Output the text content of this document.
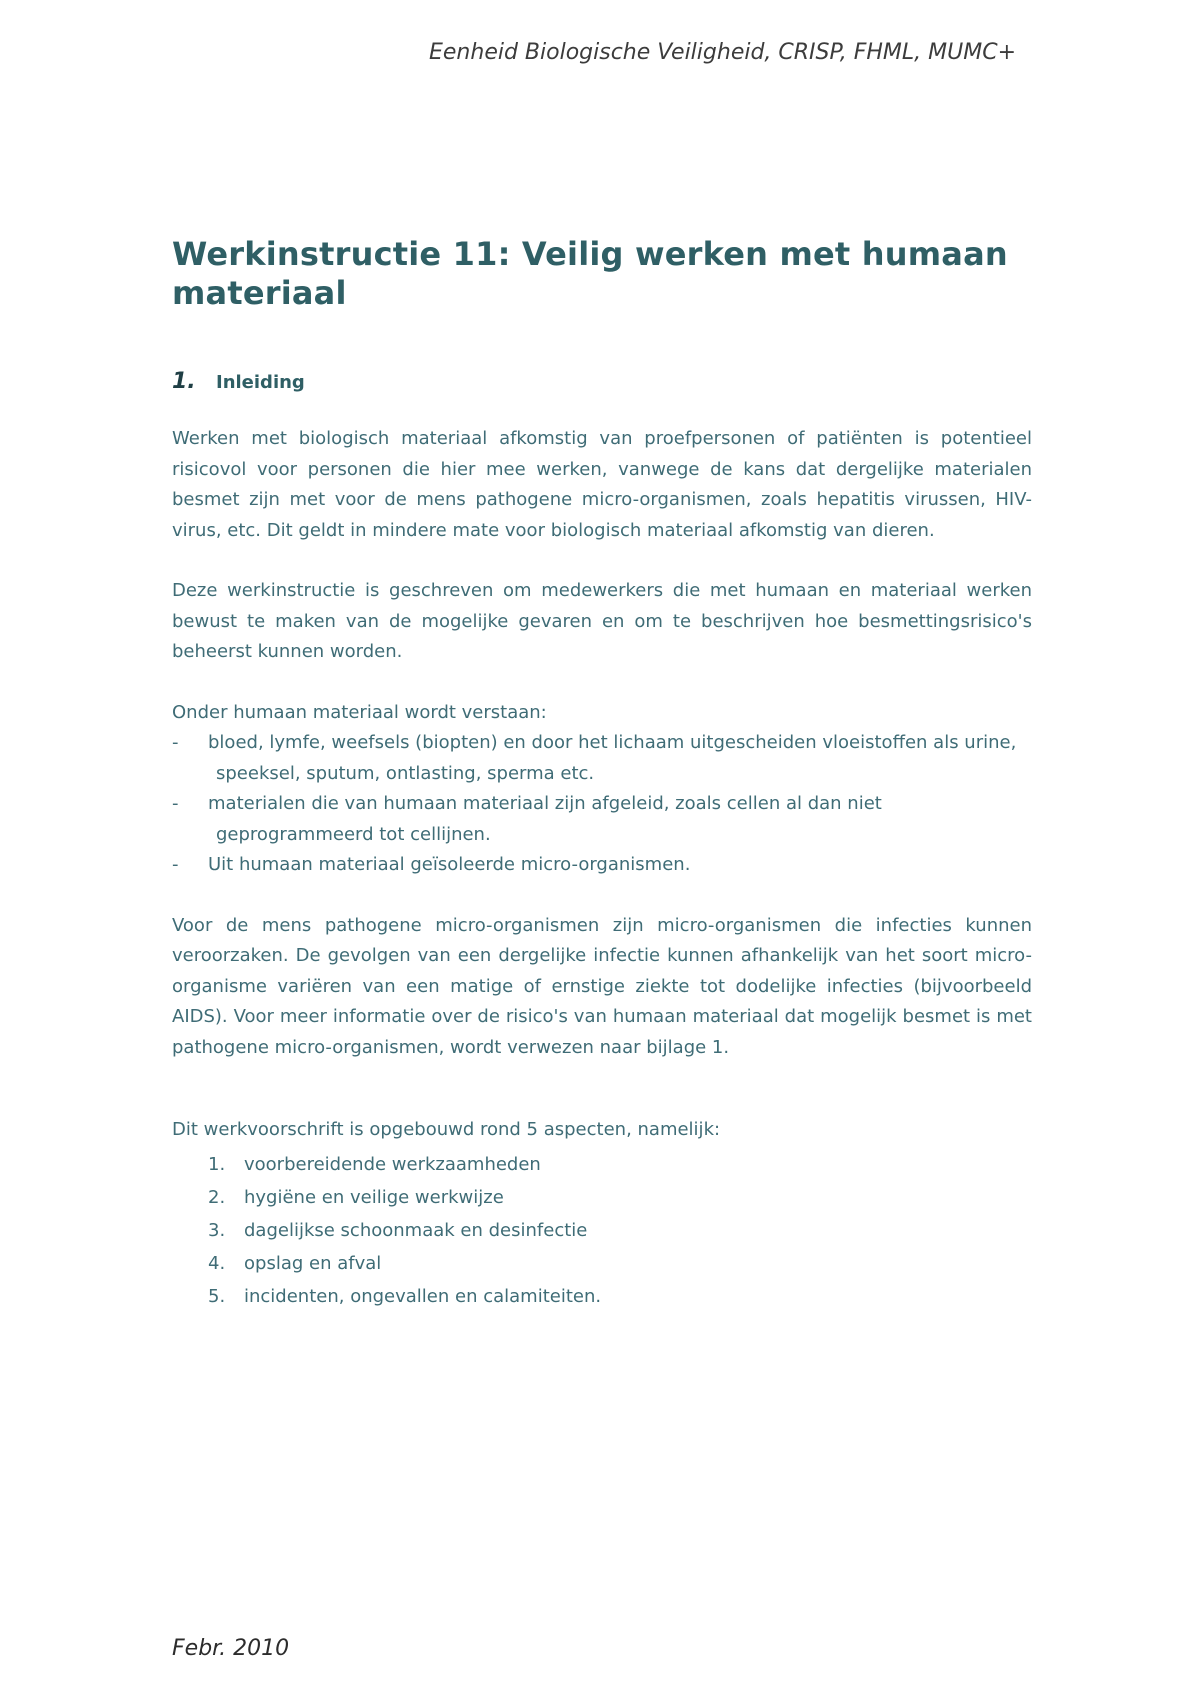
Eenheid Biologische Veiligheid, CRISP, FHML, MUMC+
Werkinstructie 11: Veilig werken met humaan materiaal
1.	Inleiding

Werken met biologisch materiaal afkomstig van proefpersonen of patiënten is potentieel risicovol voor personen die hier mee werken, vanwege de kans dat dergelijke materialen besmet zijn met voor de mens pathogene micro-organismen, zoals hepatitis virussen, HIV-virus, etc. Dit geldt in mindere mate voor biologisch materiaal afkomstig van dieren.

Deze werkinstructie is geschreven om medewerkers die met humaan en materiaal werken bewust te maken van de mogelijke gevaren en om te beschrijven hoe besmettingsrisico's beheerst kunnen worden.

Onder humaan materiaal wordt verstaan:

- bloed, lymfe, weefsels (biopten) en door het lichaam uitgescheiden vloeistoffen als urine,
speeksel, sputum, ontlasting, sperma etc.
- materialen die van humaan materiaal zijn afgeleid, zoals cellen al dan niet
geprogrammeerd tot cellijnen.
- Uit humaan materiaal geïsoleerde micro-organismen.

Voor de mens pathogene micro-organismen zijn micro-organismen die infecties kunnen veroorzaken. De gevolgen van een dergelijke infectie kunnen afhankelijk van het soort micro-organisme variëren van een matige of ernstige ziekte tot dodelijke infecties (bijvoorbeeld AIDS). Voor meer informatie over de risico's van humaan materiaal dat mogelijk besmet is met pathogene micro-organismen, wordt verwezen naar bijlage 1.

Dit werkvoorschrift is opgebouwd rond 5 aspecten, namelijk:

1.	voorbereidende werkzaamheden
2.	hygiëne en veilige werkwijze
3.	dagelijkse schoonmaak en desinfectie
4.	opslag en afval
5.	incidenten, ongevallen en calamiteiten.
Febr. 2010
